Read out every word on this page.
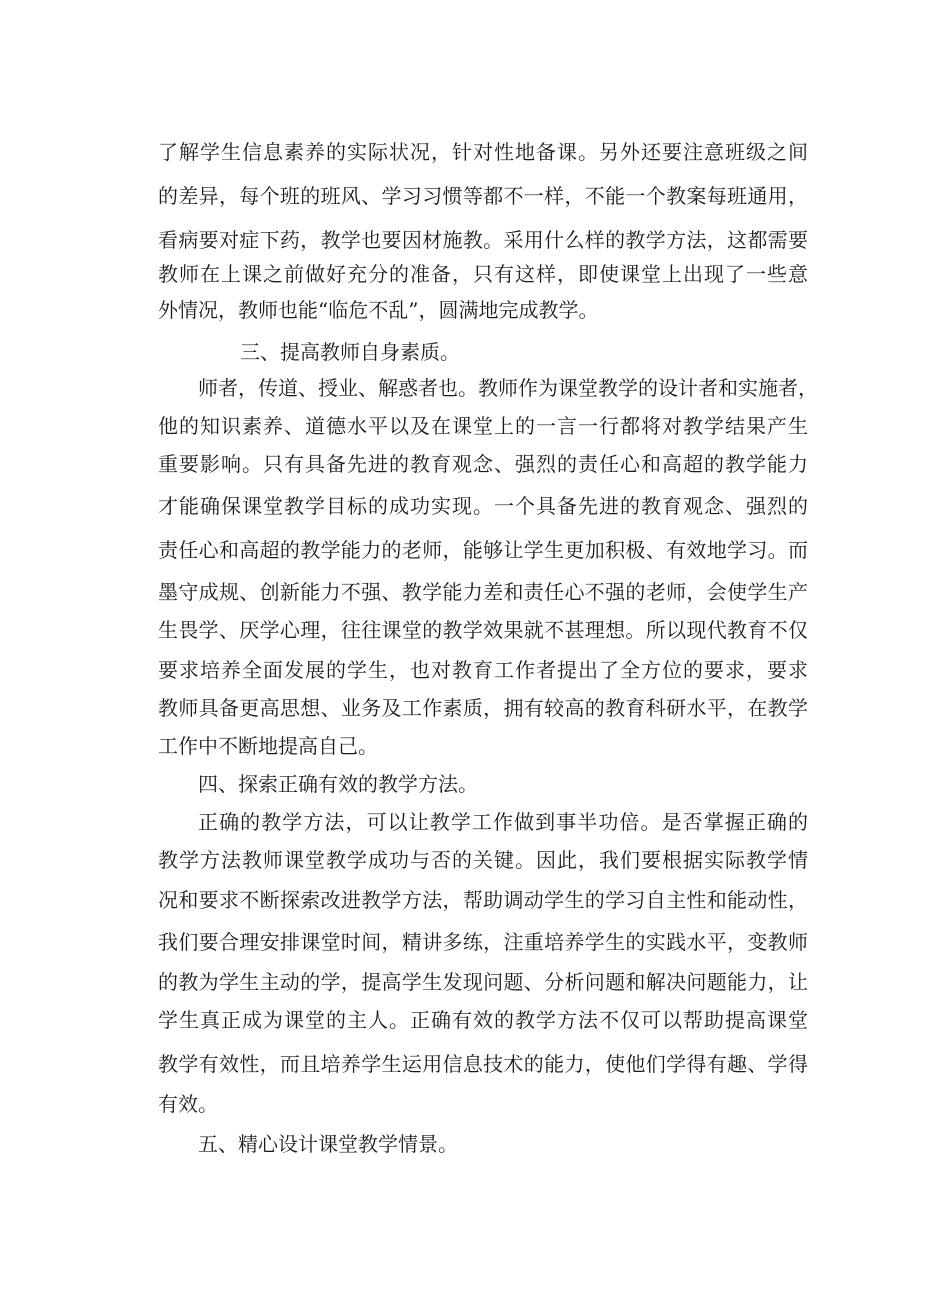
了解学生信息素养的实际状况，针对性地备课。另外还要注意班级之间
的差异，每个班的班风、学习习惯等都不一样，不能一个教案每班通用，
看病要对症下药，教学也要因材施教。采用什么样的教学方法，这都需要
教师在上课之前做好充分的准备，只有这样，即使课堂上出现了一些意
外情况，教师也能“临危不乱”，圆满地完成教学。
三、提高教师自身素质。
师者，传道、授业、解惑者也。教师作为课堂教学的设计者和实施者，
他的知识素养、道德水平以及在课堂上的一言一行都将对教学结果产生
重要影响。只有具备先进的教育观念、强烈的责任心和高超的教学能力
才能确保课堂教学目标的成功实现。一个具备先进的教育观念、强烈的
责任心和高超的教学能力的老师，能够让学生更加积极、有效地学习。而
墨守成规、创新能力不强、教学能力差和责任心不强的老师，会使学生产
生畏学、厌学心理，往往课堂的教学效果就不甚理想。所以现代教育不仅
要求培养全面发展的学生，也对教育工作者提出了全方位的要求，要求
教师具备更高思想、业务及工作素质，拥有较高的教育科研水平，在教学
工作中不断地提高自己。
四、探索正确有效的教学方法。
正确的教学方法，可以让教学工作做到事半功倍。是否掌握正确的
教学方法教师课堂教学成功与否的关键。因此，我们要根据实际教学情
况和要求不断探索改进教学方法，帮助调动学生的学习自主性和能动性，
我们要合理安排课堂时间，精讲多练，注重培养学生的实践水平，变教师
的教为学生主动的学，提高学生发现问题、分析问题和解决问题能力，让
学生真正成为课堂的主人。正确有效的教学方法不仅可以帮助提高课堂
教学有效性，而且培养学生运用信息技术的能力，使他们学得有趣、学得
有效。
五、精心设计课堂教学情景。
